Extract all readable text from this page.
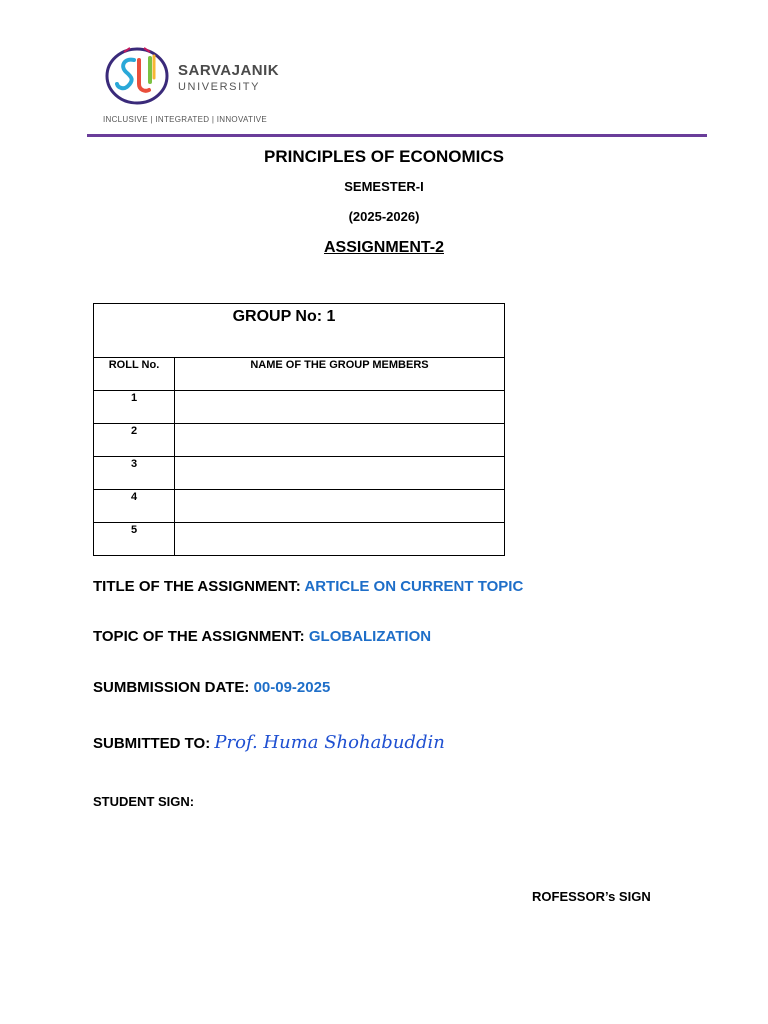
SARVAJANIK
UNIVERSITY
INCLUSIVE | INTEGRATED | INNOVATIVE
PRINCIPLES OF ECONOMICS
SEMESTER-I
(2025-2026)
ASSIGNMENT-2
GROUP No: 1	
ROLL No.	NAME OF THE GROUP MEMBERS
1	
2	
3	
4	
5	
TITLE OF THE ASSIGNMENT: ARTICLE ON CURRENT TOPIC
TOPIC OF THE ASSIGNMENT: GLOBALIZATION
SUMBMISSION DATE: 00-09-2025
SUBMITTED TO: Prof. Huma Shohabuddin
STUDENT SIGN:
ROFESSOR’s SIGN
